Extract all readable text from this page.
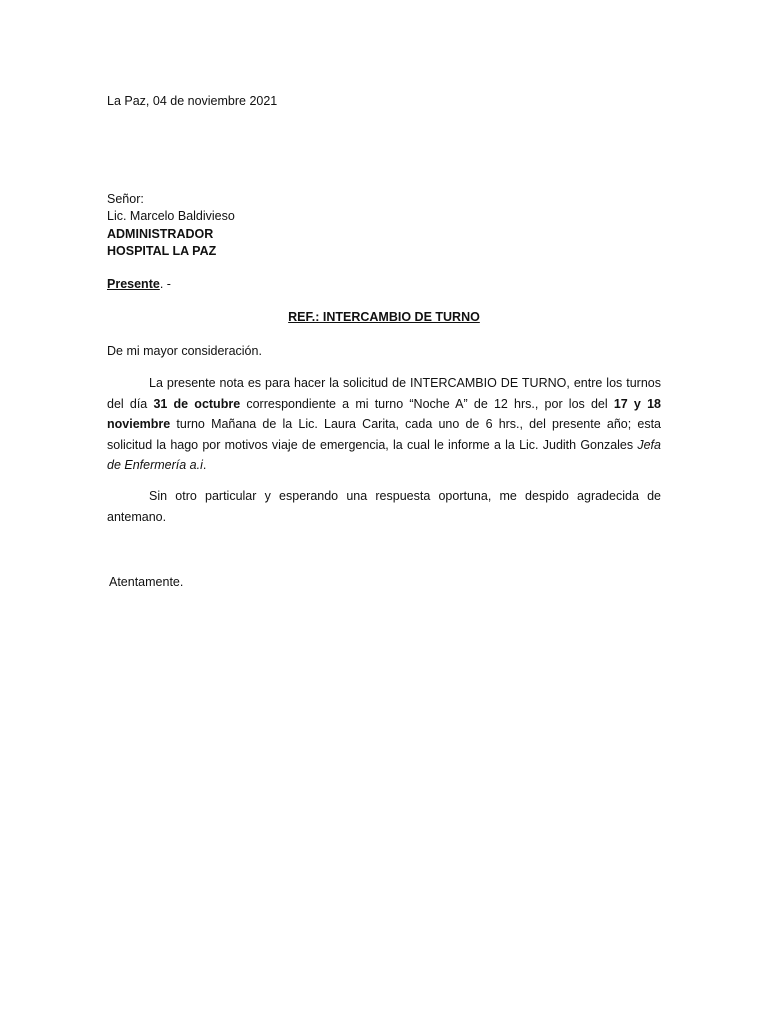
La Paz, 04 de noviembre 2021
Señor:
Lic. Marcelo Baldivieso
ADMINISTRADOR
HOSPITAL LA PAZ
Presente. -
REF.: INTERCAMBIO DE TURNO
De mi mayor consideración.
La presente nota es para hacer la solicitud de INTERCAMBIO DE TURNO, entre los turnos del día 31 de octubre correspondiente a mi turno “Noche A” de 12 hrs., por los del 17 y 18 noviembre turno Mañana de la Lic. Laura Carita, cada uno de 6 hrs., del presente año; esta solicitud la hago por motivos viaje de emergencia, la cual le informe a la Lic. Judith Gonzales Jefa de Enfermería a.i.
Sin otro particular y esperando una respuesta oportuna, me despido agradecida de antemano.
Atentamente.
